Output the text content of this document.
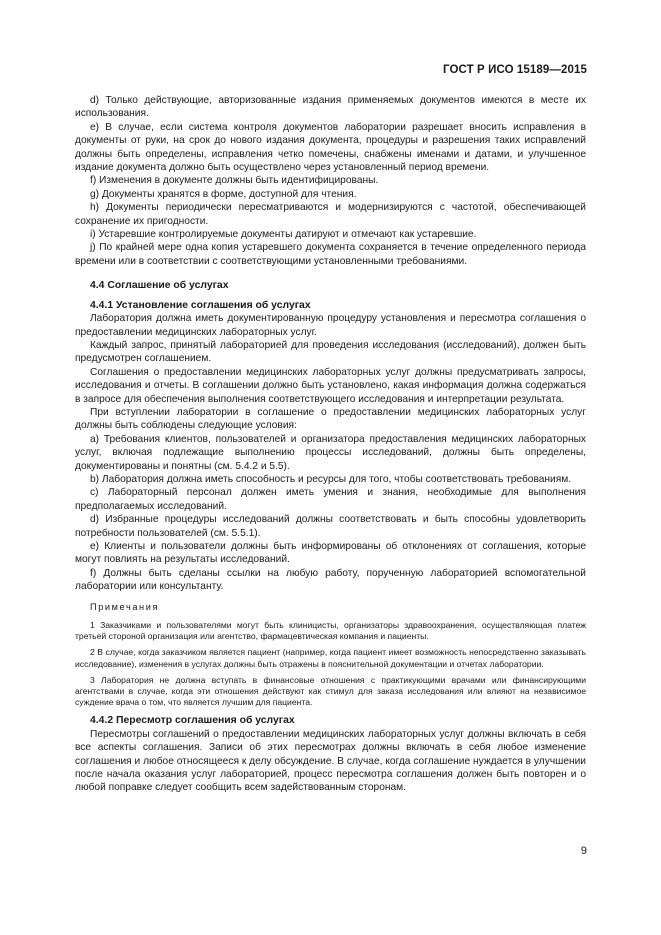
ГОСТ Р ИСО 15189—2015

d) Только действующие, авторизованные издания применяемых документов имеются в месте их использования.

e) В случае, если система контроля документов лаборатории разрешает вносить исправления в документы от руки, на срок до нового издания документа, процедуры и разрешения таких исправлений должны быть определены, исправления четко помечены, снабжены именами и датами, и улучшенное издание документа должно быть осуществлено через установленный период времени.

f) Изменения в документе должны быть идентифицированы.

g) Документы хранятся в форме, доступной для чтения.

h) Документы периодически пересматриваются и модернизируются с частотой, обеспечивающей сохранение их пригодности.

i) Устаревшие контролируемые документы датируют и отмечают как устаревшие.

j) По крайней мере одна копия устаревшего документа сохраняется в течение определенного периода времени или в соответствии с соответствующими установленными требованиями.

4.4 Соглашение об услугах
4.4.1 Установление соглашения об услугах

Лаборатория должна иметь документированную процедуру установления и пересмотра соглашения о предоставлении медицинских лабораторных услуг.

Каждый запрос, принятый лабораторией для проведения исследования (исследований), должен быть предусмотрен соглашением.

Соглашения о предоставлении медицинских лабораторных услуг должны предусматривать запросы, исследования и отчеты. В соглашении должно быть установлено, какая информация должна содержаться в запросе для обеспечения выполнения соответствующего исследования и интерпретации результата.

При вступлении лаборатории в соглашение о предоставлении медицинских лабораторных услуг должны быть соблюдены следующие условия:

a) Требования клиентов, пользователей и организатора предоставления медицинских лабораторных услуг, включая подлежащие выполнению процессы исследований, должны быть определены, документированы и понятны (см. 5.4.2 и 5.5).

b) Лаборатория должна иметь способность и ресурсы для того, чтобы соответствовать требованиям.

c) Лабораторный персонал должен иметь умения и знания, необходимые для выполнения предполагаемых исследований.

d) Избранные процедуры исследований должны соответствовать и быть способны удовлетворить потребности пользователей (см. 5.5.1).

e) Клиенты и пользователи должны быть информированы об отклонениях от соглашения, которые могут повлиять на результаты исследований.

f) Должны быть сделаны ссылки на любую работу, порученную лабораторией вспомогательной лаборатории или консультанту.

Примечания

1 Заказчиками и пользователями могут быть клиницисты, организаторы здравоохранения, осуществляющая платеж третьей стороной организация или агентство, фармацевтическая компания и пациенты.

2 В случае, когда заказчиком является пациент (например, когда пациент имеет возможность непосредственно заказывать исследование), изменения в услугах должны быть отражены в пояснительной документации и отчетах лаборатории.

3 Лаборатория не должна вступать в финансовые отношения с практикующими врачами или финансирующими агентствами в случае, когда эти отношения действуют как стимул для заказа исследования или влияют на независимое суждение врача о том, что является лучшим для пациента.

4.4.2 Пересмотр соглашения об услугах

Пересмотры соглашений о предоставлении медицинских лабораторных услуг должны включать в себя все аспекты соглашения. Записи об этих пересмотрах должны включать в себя любое изменение соглашения и любое относящееся к делу обсуждение. В случае, когда соглашение нуждается в улучшении после начала оказания услуг лабораторией, процесс пересмотра соглашения должен быть повторен и о любой поправке следует сообщить всем задействованным сторонам.

9
